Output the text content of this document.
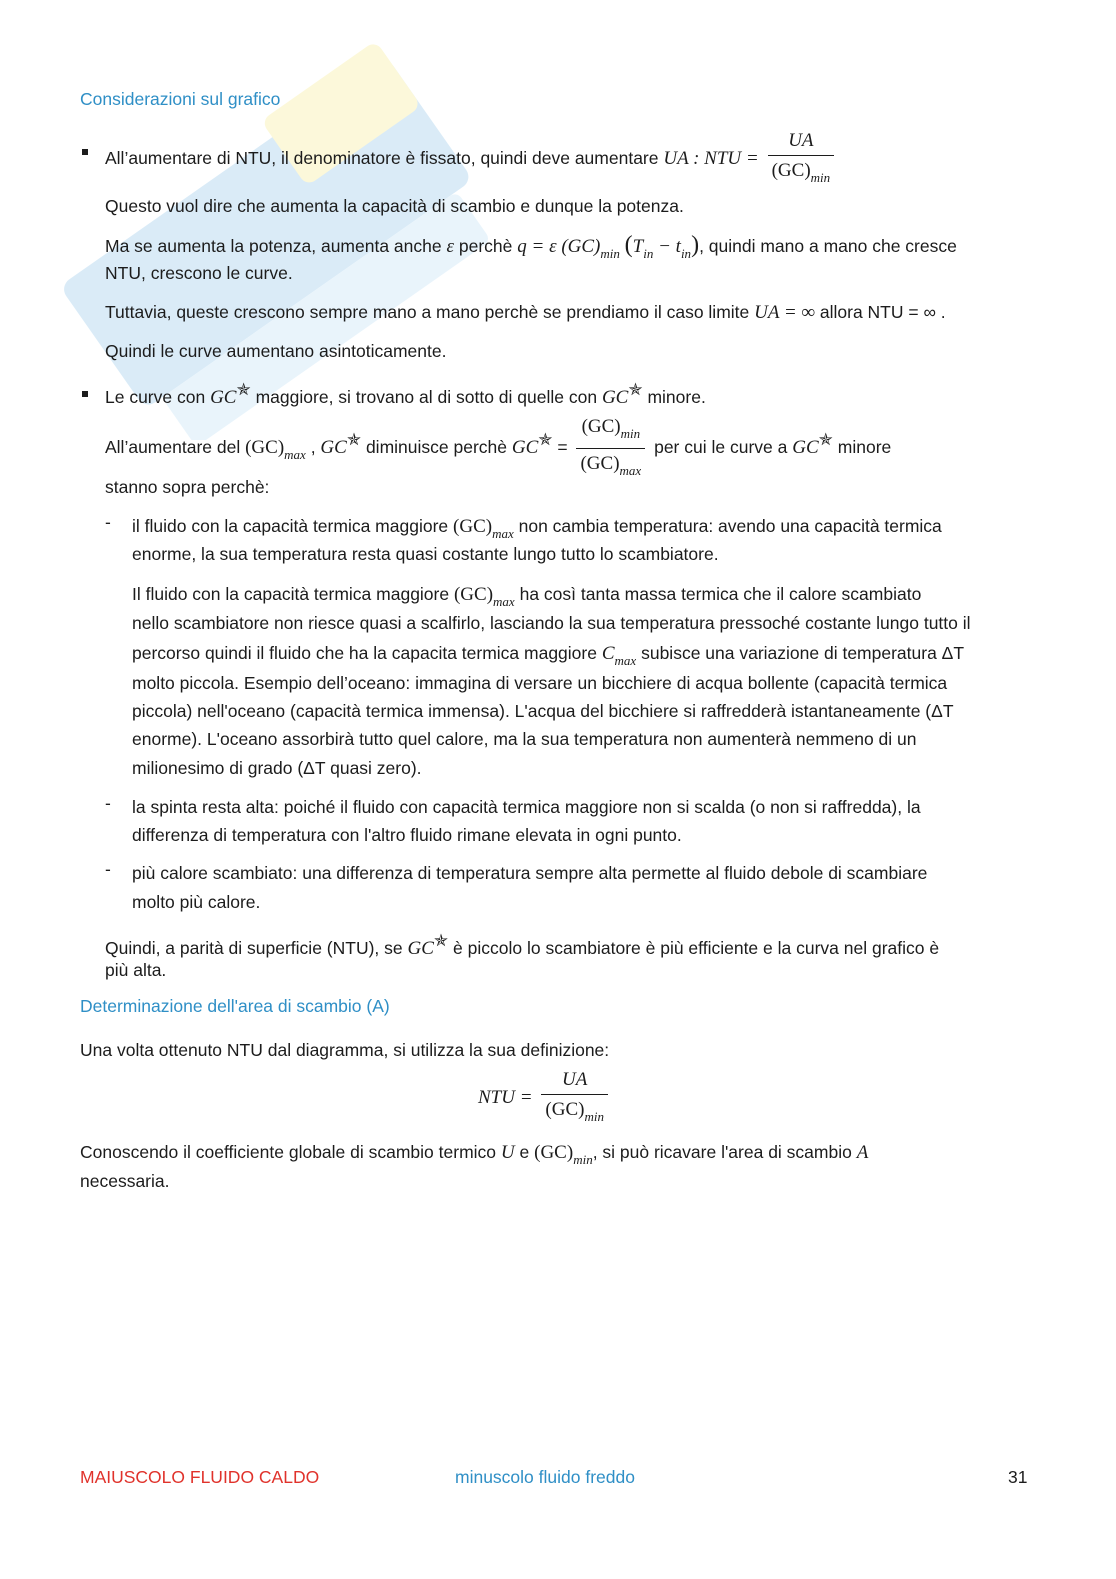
Considerazioni sul grafico
All’aumentare di NTU, il denominatore è fissato, quindi deve aumentare UA : NTU = $\frac{UA}{(GC)_{min}}$
Questo vuol dire che aumenta la capacità di scambio e dunque la potenza.
Ma se aumenta la potenza, aumenta anche ε perchè q = ε $(GC)_{min}$ $(T_{in} - t_{in})$, quindi mano a mano che cresce
NTU, crescono le curve.
Tuttavia, queste crescono sempre mano a mano perchè se prendiamo il caso limite UA = ∞ allora NTU = ∞ .
Quindi le curve aumentano asintoticamente.
Le curve con GC✯ maggiore, si trovano al di sotto di quelle con GC✯ minore.
All’aumentare del $(GC)_{max}$ , GC✯ diminuisce perchè $GC^✯ = \frac{(GC)_{min}}{(GC)_{max}}$ per cui le curve a GC✯ minore
stanno sopra perchè:
- il fluido con la capacità termica maggiore $(GC)_{max}$ non cambia temperatura: avendo una capacità termica
enorme, la sua temperatura resta quasi costante lungo tutto lo scambiatore.
Il fluido con la capacità termica maggiore $(GC)_{max}$ ha così tanta massa termica che il calore scambiato
nello scambiatore non riesce quasi a scalfirlo, lasciando la sua temperatura pressoché costante lungo tutto il
percorso quindi il fluido che ha la capacita termica maggiore $C_{max}$ subisce una variazione di temperatura ΔT
molto piccola. Esempio dell’oceano: immagina di versare un bicchiere di acqua bollente (capacità termica
piccola) nell'oceano (capacità termica immensa). L'acqua del bicchiere si raffredderà istantaneamente (ΔT
enorme). L'oceano assorbirà tutto quel calore, ma la sua temperatura non aumenterà nemmeno di un
milionesimo di grado (ΔT quasi zero).
- la spinta resta alta: poiché il fluido con capacità termica maggiore non si scalda (o non si raffredda), la
differenza di temperatura con l'altro fluido rimane elevata in ogni punto.
- più calore scambiato: una differenza di temperatura sempre alta permette al fluido debole di scambiare
molto più calore.
Quindi, a parità di superficie (NTU), se GC✯ è piccolo lo scambiatore è più efficiente e la curva nel grafico è
più alta.
Determinazione dell'area di scambio (A)
Una volta ottenuto NTU dal diagramma, si utilizza la sua definizione:
NTU = $\frac{UA}{(GC)_{min}}$
Conoscendo il coefficiente globale di scambio termico U e $(GC)_{min}$, si può ricavare l'area di scambio A
necessaria.
MAIUSCOLO FLUIDO CALDO	minuscolo fluido freddo	31
